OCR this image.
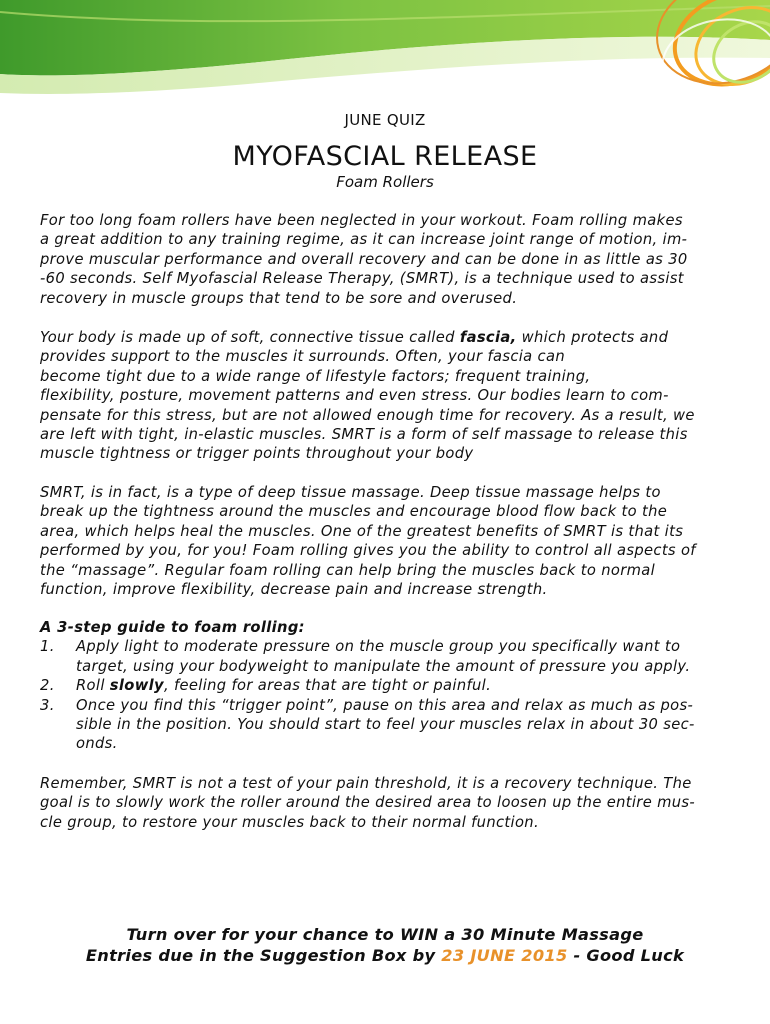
JUNE QUIZ
MYOFASCIAL RELEASE
Foam Rollers
For too long foam rollers have been neglected in your workout. Foam rolling makes
a great addition to any training regime, as it can increase joint range of motion, im-
prove muscular performance and overall recovery and can be done in as little as 30
-60 seconds. Self Myofascial Release Therapy, (SMRT), is a technique used to assist
recovery in muscle groups that tend to be sore and overused.
Your body is made up of soft, connective tissue called fascia, which protects and
provides support to the muscles it surrounds. Often, your fascia can
become tight due to a wide range of lifestyle factors; frequent training,
flexibility, posture, movement patterns and even stress. Our bodies learn to com-
pensate for this stress, but are not allowed enough time for recovery. As a result, we
are left with tight, in-elastic muscles. SMRT is a form of self massage to release this
muscle tightness or trigger points throughout your body
SMRT, is in fact, is a type of deep tissue massage. Deep tissue massage helps to
break up the tightness around the muscles and encourage blood flow back to the
area, which helps heal the muscles. One of the greatest benefits of SMRT is that its
performed by you, for you! Foam rolling gives you the ability to control all aspects of
the “massage”. Regular foam rolling can help bring the muscles back to normal
function, improve flexibility, decrease pain and increase strength.
A 3-step guide to foam rolling:
1. Apply light to moderate pressure on the muscle group you specifically want to
target, using your bodyweight to manipulate the amount of pressure you apply.
2. Roll slowly, feeling for areas that are tight or painful.
3. Once you find this “trigger point”, pause on this area and relax as much as pos-
sible in the position. You should start to feel your muscles relax in about 30 sec-
onds.
Remember, SMRT is not a test of your pain threshold, it is a recovery technique. The
goal is to slowly work the roller around the desired area to loosen up the entire mus-
cle group, to restore your muscles back to their normal function.
Turn over for your chance to WIN a 30 Minute Massage
Entries due in the Suggestion Box by 23 JUNE 2015 - Good Luck
